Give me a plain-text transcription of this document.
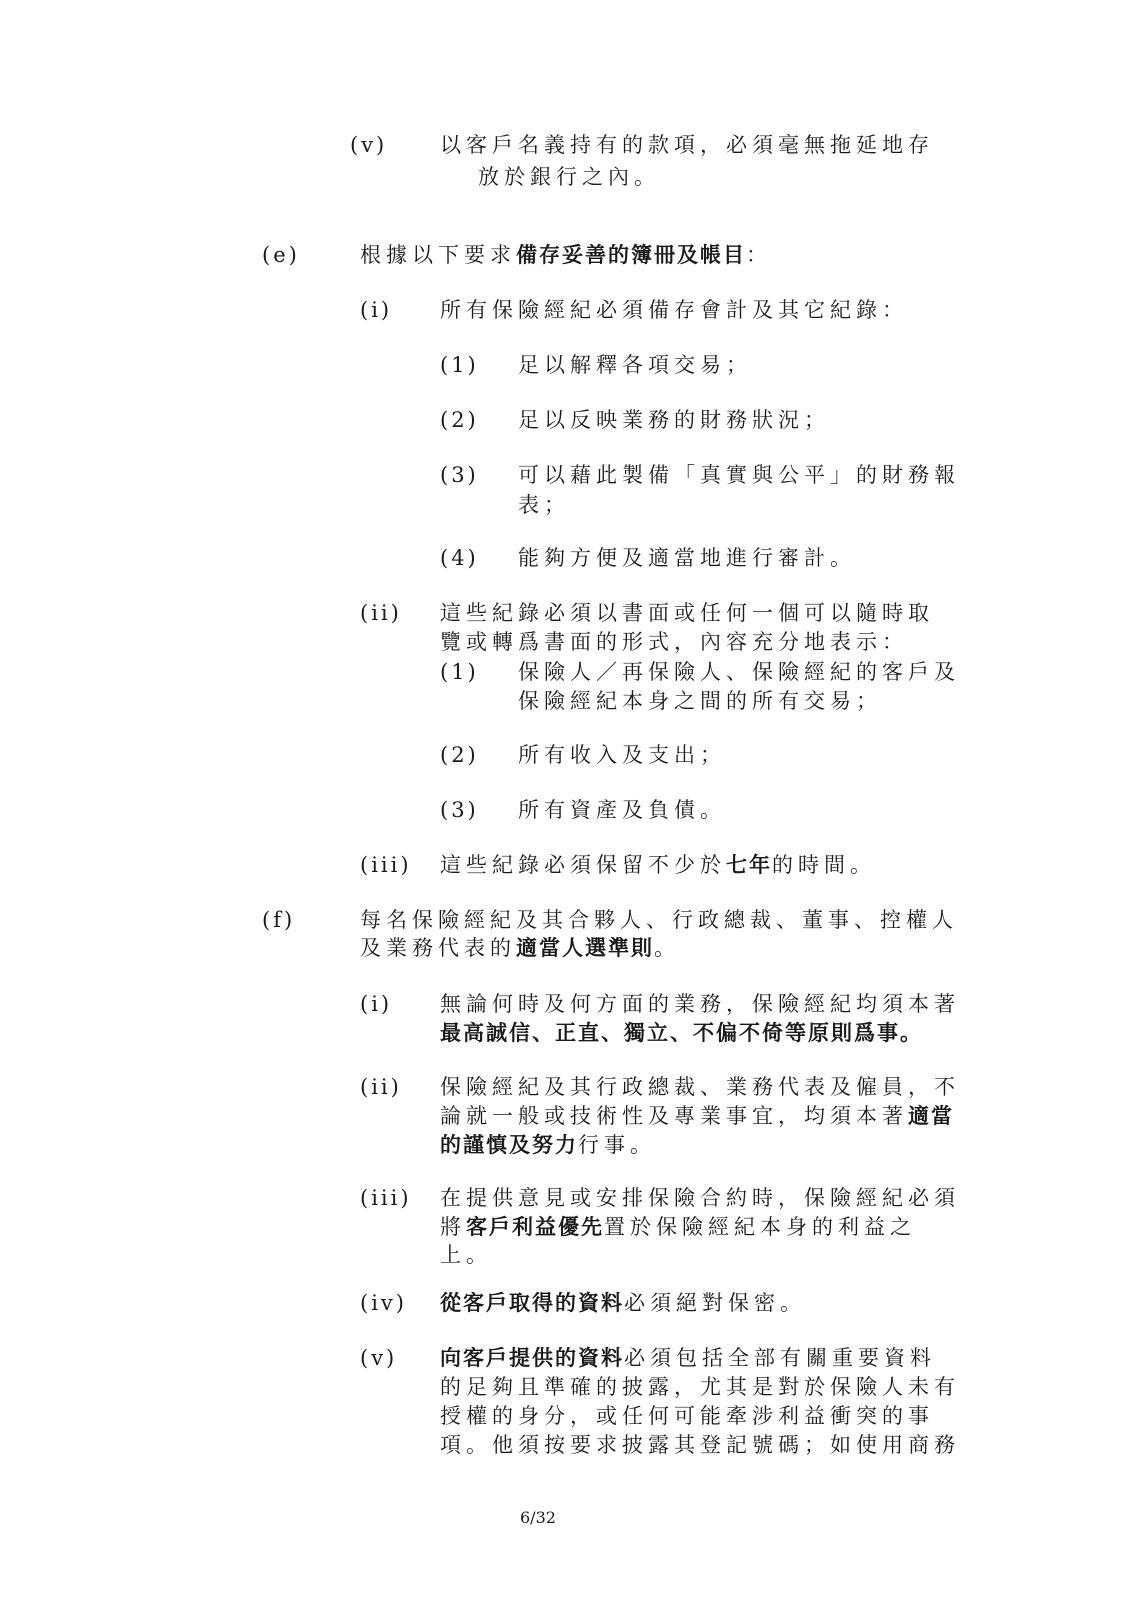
(v)	以客戶名義持有的款項，必須毫無拖延地存
放於銀行之內。
(e)	根據以下要求備存妥善的簿冊及帳目：
(i) 所有保險經紀必須備存會計及其它紀錄：
(1) 足以解釋各項交易；
(2) 足以反映業務的財務狀況；
(3) 可以藉此製備「真實與公平」的財務報
表；
(4) 能夠方便及適當地進行審計。
(ii) 這些紀錄必須以書面或任何一個可以隨時取
覽或轉爲書面的形式，內容充分地表示：
(1) 保險人／再保險人、保險經紀的客戶及
保險經紀本身之間的所有交易；
(2) 所有收入及支出；
(3) 所有資產及負債。
(iii) 這些紀錄必須保留不少於七年的時間。
(f)	每名保險經紀及其合夥人、行政總裁、董事、控權人
及業務代表的適當人選準則。
(i) 無論何時及何方面的業務，保險經紀均須本著
最高誠信、正直、獨立、不偏不倚等原則爲事。
(ii) 保險經紀及其行政總裁、業務代表及僱員，不
論就一般或技術性及專業事宜，均須本著適當
的謹慎及努力行事。
(iii) 在提供意見或安排保險合約時，保險經紀必須
將客戶利益優先置於保險經紀本身的利益之
上。
(iv) 從客戶取得的資料必須絕對保密。
(v) 向客戶提供的資料必須包括全部有關重要資料
的足夠且準確的披露，尤其是對於保險人未有
授權的身分，或任何可能牽涉利益衝突的事
項。他須按要求披露其登記號碼；如使用商務
6/32
